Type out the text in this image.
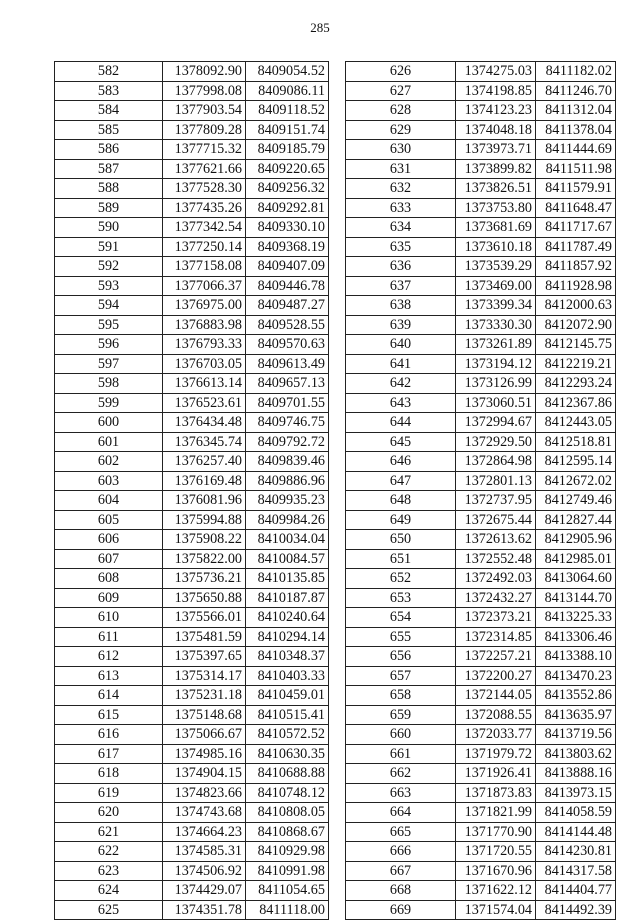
285
582	1378092.90	8409054.52
583	1377998.08	8409086.11
584	1377903.54	8409118.52
585	1377809.28	8409151.74
586	1377715.32	8409185.79
587	1377621.66	8409220.65
588	1377528.30	8409256.32
589	1377435.26	8409292.81
590	1377342.54	8409330.10
591	1377250.14	8409368.19
592	1377158.08	8409407.09
593	1377066.37	8409446.78
594	1376975.00	8409487.27
595	1376883.98	8409528.55
596	1376793.33	8409570.63
597	1376703.05	8409613.49
598	1376613.14	8409657.13
599	1376523.61	8409701.55
600	1376434.48	8409746.75
601	1376345.74	8409792.72
602	1376257.40	8409839.46
603	1376169.48	8409886.96
604	1376081.96	8409935.23
605	1375994.88	8409984.26
606	1375908.22	8410034.04
607	1375822.00	8410084.57
608	1375736.21	8410135.85
609	1375650.88	8410187.87
610	1375566.01	8410240.64
611	1375481.59	8410294.14
612	1375397.65	8410348.37
613	1375314.17	8410403.33
614	1375231.18	8410459.01
615	1375148.68	8410515.41
616	1375066.67	8410572.52
617	1374985.16	8410630.35
618	1374904.15	8410688.88
619	1374823.66	8410748.12
620	1374743.68	8410808.05
621	1374664.23	8410868.67
622	1374585.31	8410929.98
623	1374506.92	8410991.98
624	1374429.07	8411054.65
625	1374351.78	8411118.00
626	1374275.03	8411182.02
627	1374198.85	8411246.70
628	1374123.23	8411312.04
629	1374048.18	8411378.04
630	1373973.71	8411444.69
631	1373899.82	8411511.98
632	1373826.51	8411579.91
633	1373753.80	8411648.47
634	1373681.69	8411717.67
635	1373610.18	8411787.49
636	1373539.29	8411857.92
637	1373469.00	8411928.98
638	1373399.34	8412000.63
639	1373330.30	8412072.90
640	1373261.89	8412145.75
641	1373194.12	8412219.21
642	1373126.99	8412293.24
643	1373060.51	8412367.86
644	1372994.67	8412443.05
645	1372929.50	8412518.81
646	1372864.98	8412595.14
647	1372801.13	8412672.02
648	1372737.95	8412749.46
649	1372675.44	8412827.44
650	1372613.62	8412905.96
651	1372552.48	8412985.01
652	1372492.03	8413064.60
653	1372432.27	8413144.70
654	1372373.21	8413225.33
655	1372314.85	8413306.46
656	1372257.21	8413388.10
657	1372200.27	8413470.23
658	1372144.05	8413552.86
659	1372088.55	8413635.97
660	1372033.77	8413719.56
661	1371979.72	8413803.62
662	1371926.41	8413888.16
663	1371873.83	8413973.15
664	1371821.99	8414058.59
665	1371770.90	8414144.48
666	1371720.55	8414230.81
667	1371670.96	8414317.58
668	1371622.12	8414404.77
669	1371574.04	8414492.39
